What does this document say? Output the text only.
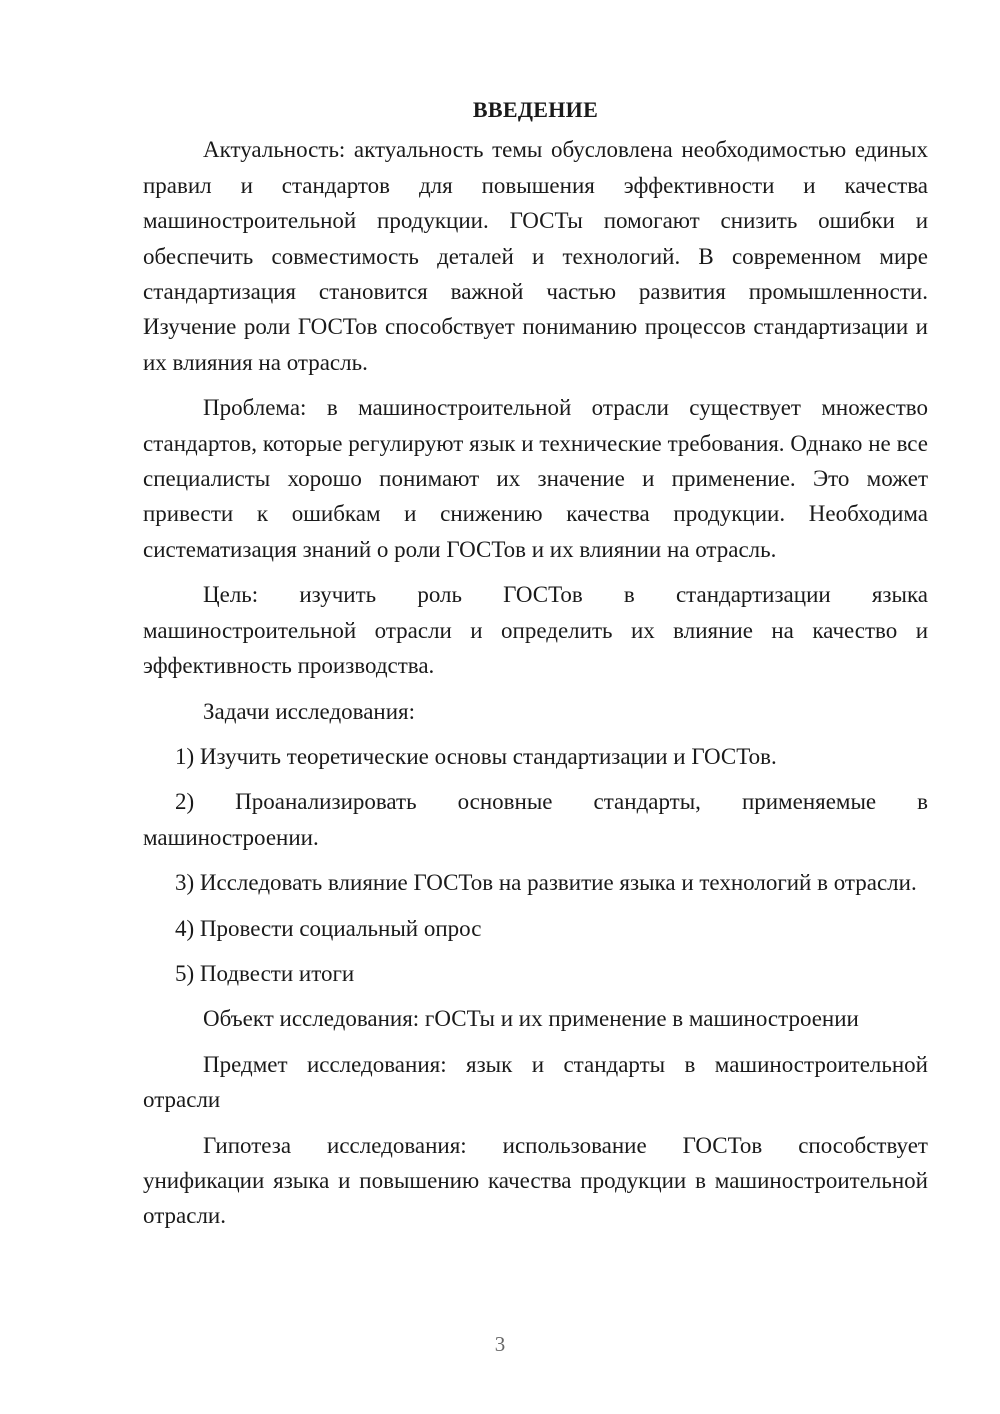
ВВЕДЕНИЕ

Актуальность: актуальность темы обусловлена необходимостью единых правил и стандартов для повышения эффективности и качества машиностроительной продукции. ГОСТы помогают снизить ошибки и обеспечить совместимость деталей и технологий. В современном мире стандартизация становится важной частью развития промышленности. Изучение роли ГОСТов способствует пониманию процессов стандартизации и их влияния на отрасль.

Проблема: в машиностроительной отрасли существует множество стандартов, которые регулируют язык и технические требования. Однако не все специалисты хорошо понимают их значение и применение. Это может привести к ошибкам и снижению качества продукции. Необходима систематизация знаний о роли ГОСТов и их влиянии на отрасль.

Цель: изучить роль ГОСТов в стандартизации языка машиностроительной отрасли и определить их влияние на качество и эффективность производства.

Задачи исследования:

1) Изучить теоретические основы стандартизации и ГОСТов.

2) Проанализировать основные стандарты, применяемые в машиностроении.

3) Исследовать влияние ГОСТов на развитие языка и технологий в отрасли.

4) Провести социальный опрос

5) Подвести итоги

Объект исследования: гОСТы и их применение в машиностроении

Предмет исследования: язык и стандарты в машиностроительной отрасли

Гипотеза исследования: использование ГОСТов способствует унификации языка и повышению качества продукции в машиностроительной отрасли.

3
